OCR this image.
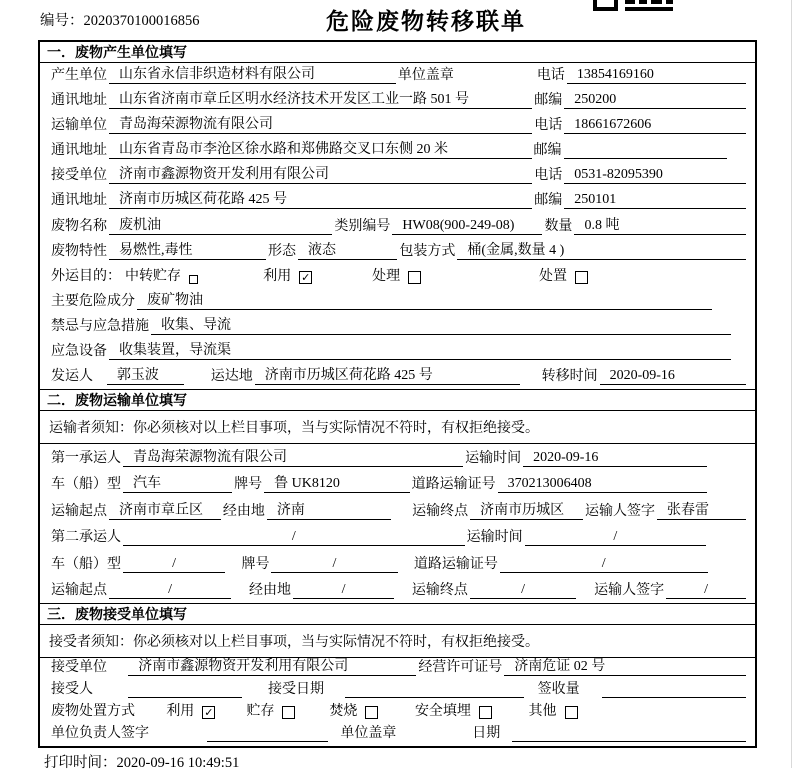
编号：2020370100016856	危险废物转移联单
一．废物产生单位填写
产生单位 山东省永信非织造材料有限公司	单位盖章	电话 13854169160
通讯地址 山东省济南市章丘区明水经济技术开发区工业一路 501 号	邮编 250200
运输单位 青岛海荣源物流有限公司	电话 18661672606
通讯地址 山东省青岛市李沧区徐水路和郑佛路交叉口东侧 20 米	邮编
接受单位 济南市鑫源物资开发利用有限公司	电话 0531-82095390
通讯地址 济南市历城区荷花路 425 号	邮编 250101
废物名称 废机油	类别编号 HW08(900-249-08)	数量 0.8 吨
废物特性 易燃性,毒性	形态 液态	包装方式 桶(金属,数量 4 )
外运目的： 中转贮存	利用 ✓	处理	处置
主要危险成分 废矿物油
禁忌与应急措施 收集、导流
应急设备 收集装置，导流渠
发运人	郭玉波	运达地 济南市历城区荷花路 425 号	转移时间 2020-09-16
二．废物运输单位填写
运输者须知：你必须核对以上栏目事项，当与实际情况不符时，有权拒绝接受。
第一承运人 青岛海荣源物流有限公司	运输时间 2020-09-16
车（船）型 汽车	牌号 鲁 UK8120	道路运输证号 370213006408
运输起点 济南市章丘区	经由地 济南	运输终点 济南市历城区	运输人签字 张春雷
第二承运人	/	运输时间	/
车（船）型	/	牌号	/	道路运输证号	/
运输起点	/	经由地	/	运输终点	/	运输人签字	/
三．废物接受单位填写
接受者须知：你必须核对以上栏目事项，当与实际情况不符时，有权拒绝接受。
接受单位	济南市鑫源物资开发利用有限公司	经营许可证号 济南危证 02 号
接受人	接受日期	签收量
废物处置方式 利用 ✓ 贮存	焚烧	安全填埋	其他
单位负责人签字	单位盖章	日期
打印时间：2020-09-16 10:49:51
